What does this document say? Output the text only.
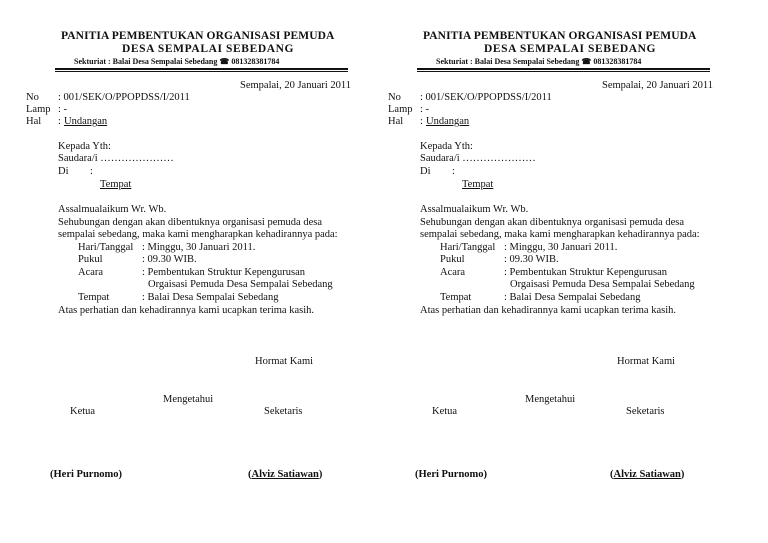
PANITIA PEMBENTUKAN ORGANISASI PEMUDA
DESA SEMPALAI SEBEDANG
Sekturiat : Balai Desa Sempalai Sebedang ☎ 081328381784
Sempalai, 20 Januari 2011
No : 001/SEK/O/PPOPDSS/I/2011
Lamp : -
Hal : Undangan
Kepada Yth:
Saudara/i …………………
Di :
Tempat
Assalmualaikum Wr. Wb.
Sehubungan dengan akan dibentuknya organisasi pemuda desa
sempalai sebedang, maka kami mengharapkan kehadirannya pada:
Hari/Tanggal : Minggu, 30 Januari 2011.
Pukul	: 09.30 WIB.
Acara	: Pembentukan Struktur Kepengurusan
Orgaisasi Pemuda Desa Sempalai Sebedang
Tempat	: Balai Desa Sempalai Sebedang
Atas perhatian dan kehadirannya kami ucapkan terima kasih.
Hormat Kami
Mengetahui
Ketua	Seketaris
(Heri Purnomo)	(Alviz Satiawan)
PANITIA PEMBENTUKAN ORGANISASI PEMUDA
DESA SEMPALAI SEBEDANG
Sekturiat : Balai Desa Sempalai Sebedang ☎ 081328381784
Sempalai, 20 Januari 2011
No : 001/SEK/O/PPOPDSS/I/2011
Lamp : -
Hal : Undangan
Kepada Yth:
Saudara/i …………………
Di :
Tempat
Assalmualaikum Wr. Wb.
Sehubungan dengan akan dibentuknya organisasi pemuda desa
sempalai sebedang, maka kami mengharapkan kehadirannya pada:
Hari/Tanggal : Minggu, 30 Januari 2011.
Pukul	: 09.30 WIB.
Acara	: Pembentukan Struktur Kepengurusan
Orgaisasi Pemuda Desa Sempalai Sebedang
Tempat	: Balai Desa Sempalai Sebedang
Atas perhatian dan kehadirannya kami ucapkan terima kasih.
Hormat Kami
Mengetahui
Ketua	Seketaris
(Heri Purnomo)	(Alviz Satiawan)
